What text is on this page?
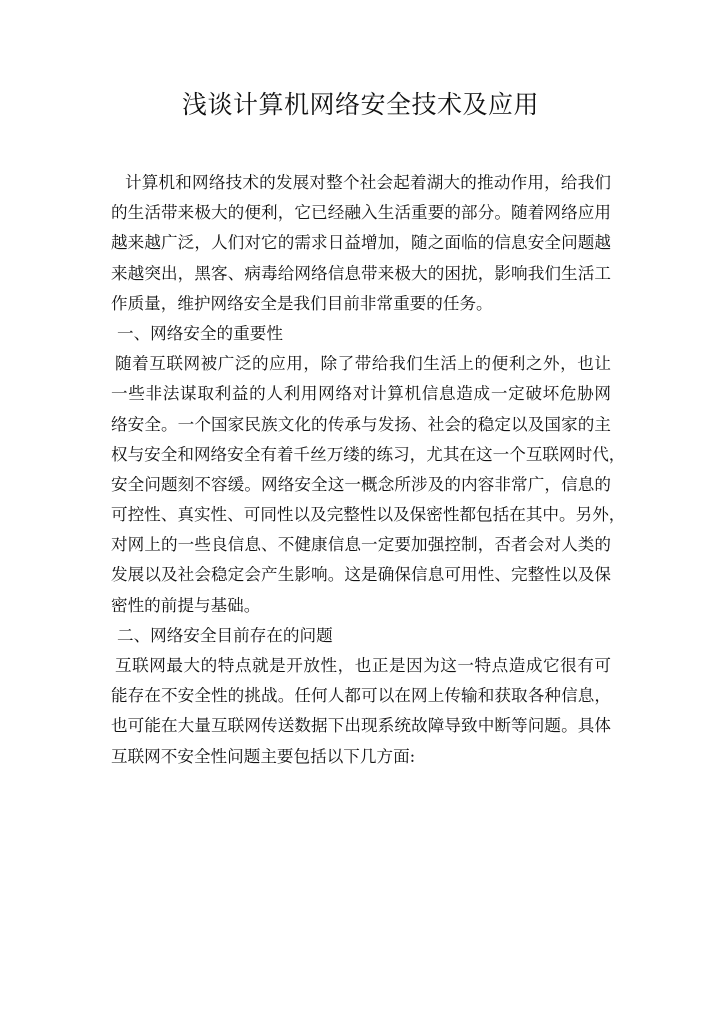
浅谈计算机网络安全技术及应用
计算机和网络技术的发展对整个社会起着湖大的推动作用，给我们
的生活带来极大的便利，它已经融入生活重要的部分。随着网络应用
越来越广泛，人们对它的需求日益增加，随之面临的信息安全问题越
来越突出，黑客、病毒给网络信息带来极大的困扰，影响我们生活工
作质量，维护网络安全是我们目前非常重要的任务。
一、网络安全的重要性
随着互联网被广泛的应用，除了带给我们生活上的便利之外，也让
一些非法谋取利益的人利用网络对计算机信息造成一定破坏危胁网
络安全。一个国家民族文化的传承与发扬、社会的稳定以及国家的主
权与安全和网络安全有着千丝万缕的练习，尤其在这一个互联网时代，
安全问题刻不容缓。网络安全这一概念所涉及的内容非常广，信息的
可控性、真实性、可同性以及完整性以及保密性都包括在其中。另外，
对网上的一些良信息、不健康信息一定要加强控制，否者会对人类的
发展以及社会稳定会产生影响。这是确保信息可用性、完整性以及保
密性的前提与基础。
二、网络安全目前存在的问题
互联网最大的特点就是开放性，也正是因为这一特点造成它很有可
能存在不安全性的挑战。任何人都可以在网上传输和获取各种信息，
也可能在大量互联网传送数据下出现系统故障导致中断等问题。具体
互联网不安全性问题主要包括以下几方面:
